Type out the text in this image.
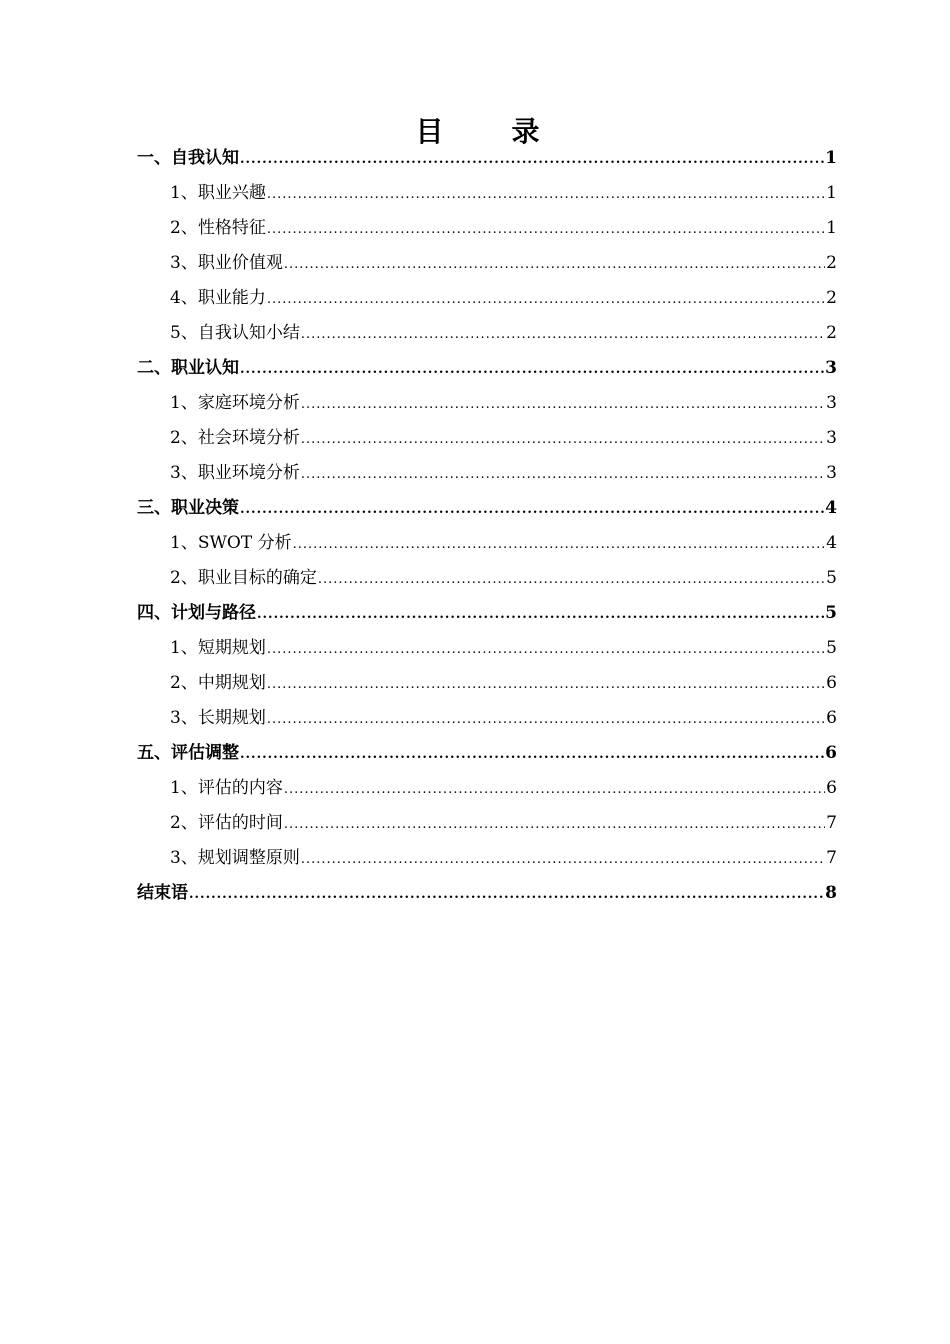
目　录
一、自我认知 .....	1
1、职业兴趣 .....	1
2、性格特征 .....	1
3、职业价值观 .....	2
4、职业能力 .....	2
5、自我认知小结 .....	2
二、职业认知 .....	3
1、家庭环境分析 .....	3
2、社会环境分析 .....	3
3、职业环境分析 .....	3
三、职业决策 .....	4
1、SWOT 分析 .....	4
2、职业目标的确定 .....	5
四、计划与路径 .....	5
1、短期规划 .....	5
2、中期规划 .....	6
3、长期规划 .....	6
五、评估调整 .....	6
1、评估的内容 .....	6
2、评估的时间 .....	7
3、规划调整原则 .....	7
结束语 .....	8
